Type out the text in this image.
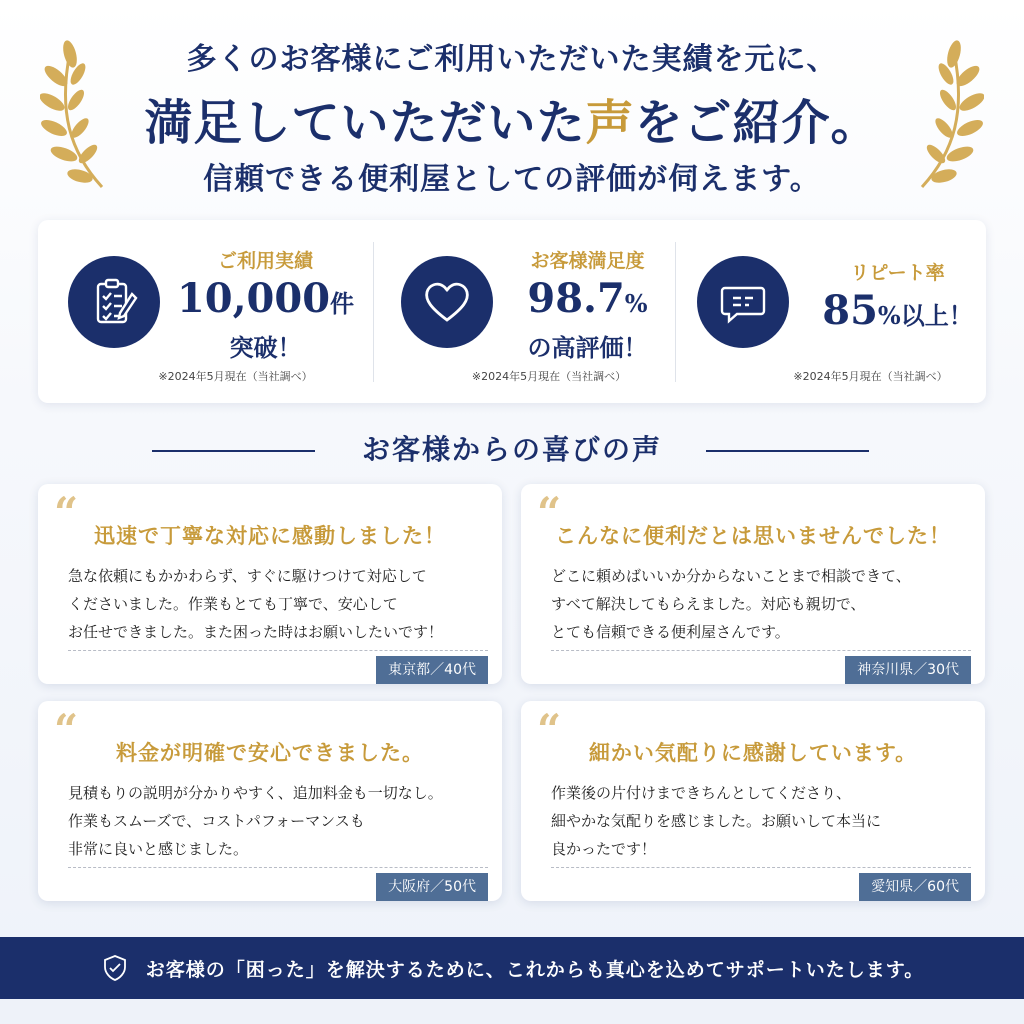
多くのお客様にご利用いただいた実績を元に、
満足していただいた声をご紹介。
信頼できる便利屋としての評価が伺えます。
ご利用実績
10,000件
突破！
※2024年5月現在（当社調べ）
お客様満足度
98.7%
の高評価！
※2024年5月現在（当社調べ）
リピート率
85%以上！
※2024年5月現在（当社調べ）
お客様からの喜びの声
“ 迅速で丁寧な対応に感動しました！
急な依頼にもかかわらず、すぐに駆けつけて対応して
くださいました。作業もとても丁寧で、安心して
お任せできました。また困った時はお願いしたいです！
東京都／40代
“
こんなに便利だとは思いませんでした！
どこに頼めばいいか分からないことまで相談できて、
すべて解決してもらえました。対応も親切で、
とても信頼できる便利屋さんです。
神奈川県／30代
“	料金が明確で安心できました。
見積もりの説明が分かりやすく、追加料金も一切なし。
作業もスムーズで、コストパフォーマンスも
非常に良いと感じました。
大阪府／50代
“	細かい気配りに感謝しています。
作業後の片付けまできちんとしてくださり、
細やかな気配りを感じました。お願いして本当に
良かったです！
愛知県／60代
お客様の「困った」を解決するために、これからも真心を込めてサポートいたします。
